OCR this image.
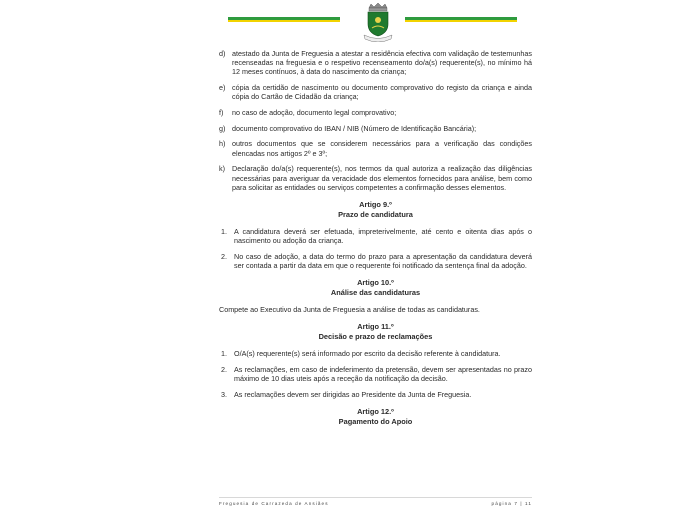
d) atestado da Junta de Freguesia a atestar a residência efectiva com validação de testemunhas recenseadas na freguesia e o respetivo recenseamento do/a(s) requerente(s), no mínimo há 12 meses contínuos, à data do nascimento da criança;
e) cópia da certidão de nascimento ou documento comprovativo do registo da criança e ainda cópia do Cartão de Cidadão da criança;
f) no caso de adoção, documento legal comprovativo;
g) documento comprovativo do IBAN / NIB (Número de Identificação Bancária);
h) outros documentos que se considerem necessários para a verificação das condições elencadas nos artigos 2º e 3º;
k) Declaração do/a(s) requerente(s), nos termos da qual autoriza a realização das diligências necessárias para averiguar da veracidade dos elementos fornecidos para análise, bem como para solicitar as entidades ou serviços competentes a confirmação desses elementos.
Artigo 9.º
Prazo de candidatura
1. A candidatura deverá ser efetuada, impreterivelmente, até cento e oitenta dias após o nascimento ou adoção da criança.
2. No caso de adoção, a data do termo do prazo para a apresentação da candidatura deverá ser contada a partir da data em que o requerente foi notificado da sentença final da adoção.
Artigo 10.º
Análise das candidaturas
Compete ao Executivo da Junta de Freguesia a análise de todas as candidaturas.
Artigo 11.º
Decisão e prazo de reclamações
1. O/A(s) requerente(s) será informado por escrito da decisão referente à candidatura.
2. As reclamações, em caso de indeferimento da pretensão, devem ser apresentadas no prazo máximo de 10 dias uteis após a receção da notificação da decisão.
3. As reclamações devem ser dirigidas ao Presidente da Junta de Freguesia.
Artigo 12.º
Pagamento do Apoio
Freguesia de Carrazeda de Ansiães	página 7 | 11
